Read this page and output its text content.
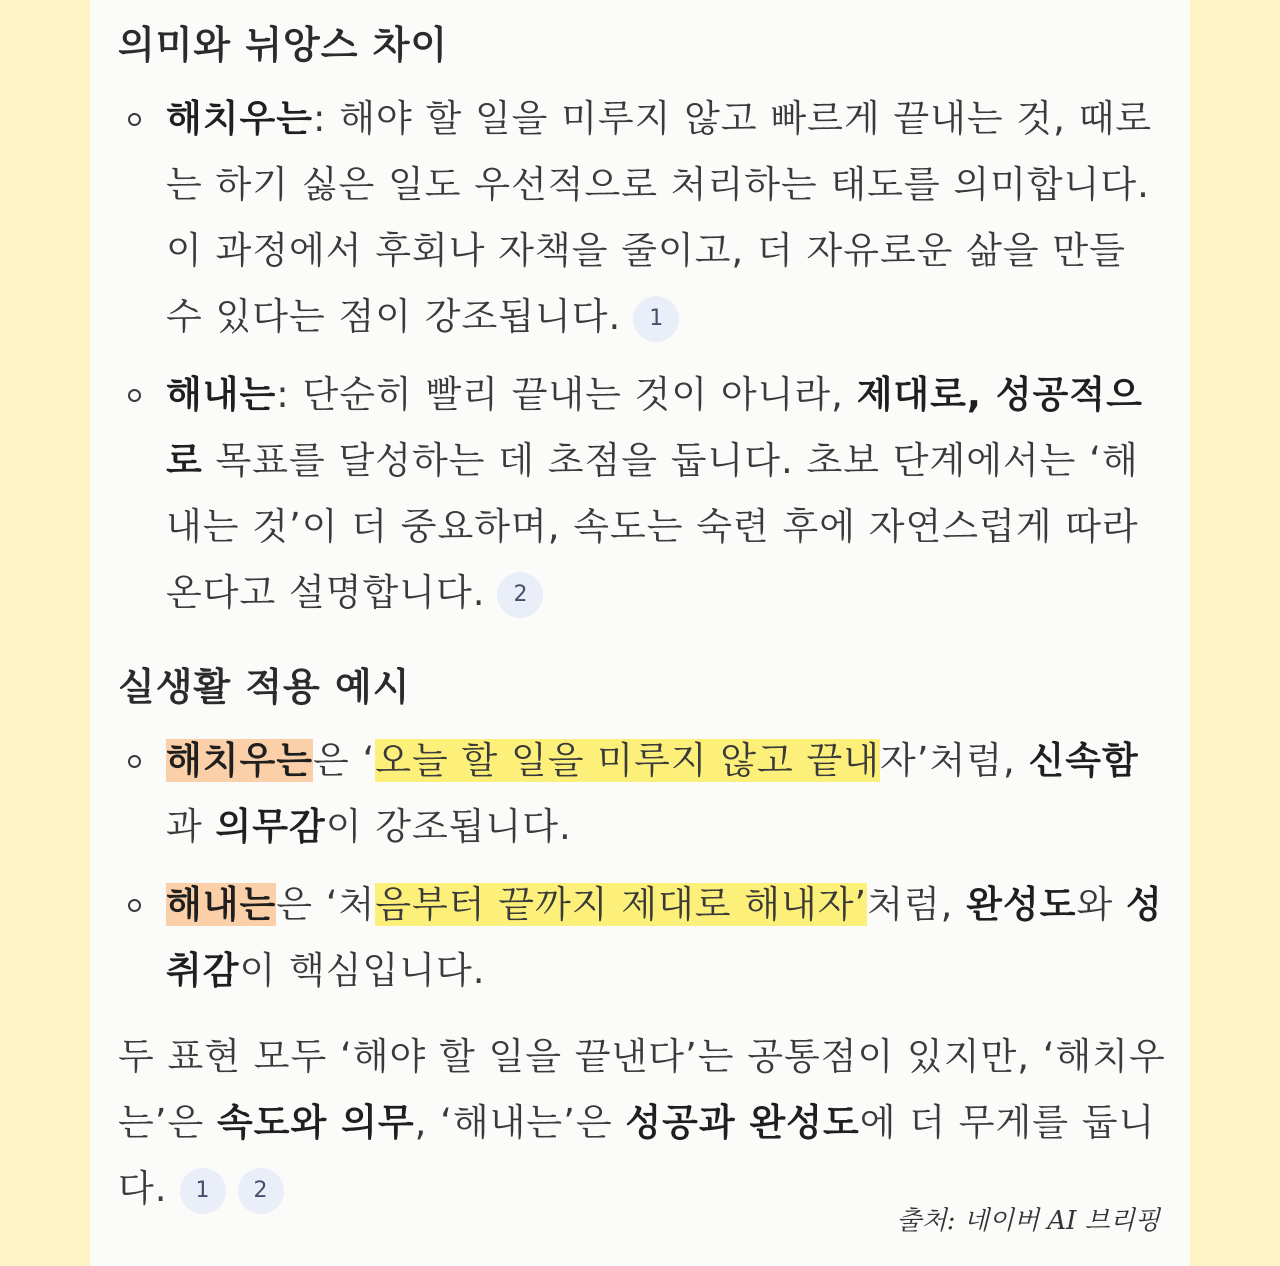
의미와 뉘앙스 차이
해치우는: 해야 할 일을 미루지 않고 빠르게 끝내는 것, 때로는 하기 싫은 일도 우선적으로 처리하는 태도를 의미합니다. 이 과정에서 후회나 자책을 줄이고, 더 자유로운 삶을 만들 수 있다는 점이 강조됩니다. 1
해내는: 단순히 빨리 끝내는 것이 아니라, 제대로, 성공적으로 목표를 달성하는 데 초점을 둡니다. 초보 단계에서는 ‘해내는 것’이 더 중요하며, 속도는 숙련 후에 자연스럽게 따라온다고 설명합니다. 2
실생활 적용 예시
해치우는은 ‘오늘 할 일을 미루지 않고 끝내자’처럼, 신속함과 의무감이 강조됩니다.
해내는은 ‘처음부터 끝까지 제대로 해내자’처럼, 완성도와 성취감이 핵심입니다.
두 표현 모두 ‘해야 할 일을 끝낸다’는 공통점이 있지만, ‘해치우는’은 속도와 의무, ‘해내는’은 성공과 완성도에 더 무게를 둡니다. 1 2
출처: 네이버 AI 브리핑
